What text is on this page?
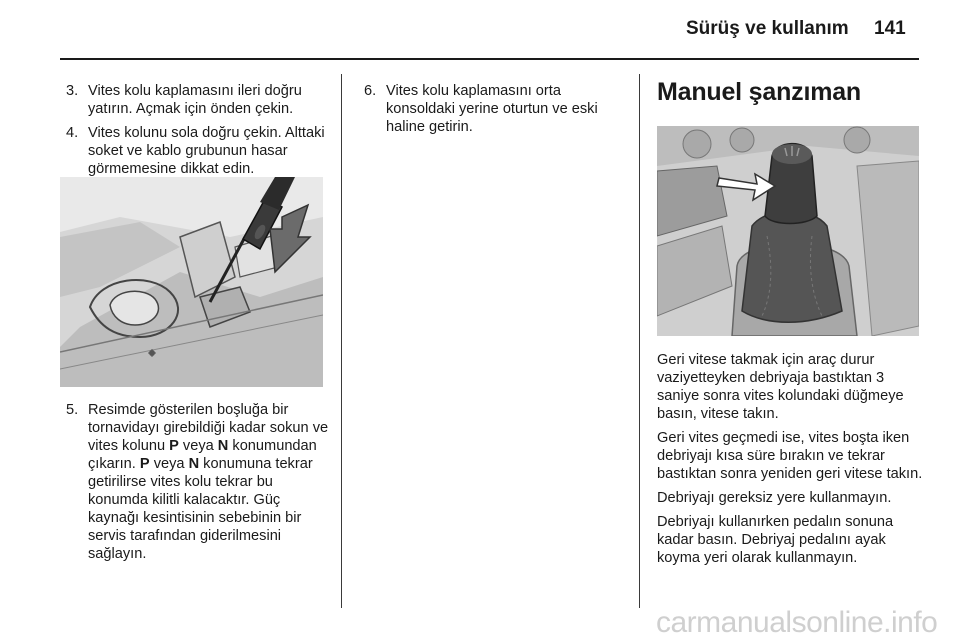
Sürüş ve kullanım 141
3. Vites kolu kaplamasını ileri doğru yatırın. Açmak için önden çekin.

4. Vites kolunu sola doğru çekin. Alttaki soket ve kablo grubunun hasar görmemesine dikkat edin.

5. Resimde gösterilen boşluğa bir tornavidayı girebildiği kadar sokun ve vites kolunu P veya N konumundan çıkarın. P veya N konumuna tekrar getirilirse vites kolu tekrar bu konumda kilitli kalacaktır. Güç kaynağı kesintisinin sebebinin bir servis tarafından giderilmesini sağlayın.

6. Vites kolu kaplamasını orta konsoldaki yerine oturtun ve eski haline getirin.

Manuel şanzıman

Geri vitese takmak için araç durur vaziyetteyken debriyaja bastıktan 3 saniye sonra vites kolundaki düğmeye basın, vitese takın.

Geri vites geçmedi ise, vites boşta iken debriyajı kısa süre bırakın ve tekrar bastıktan sonra yeniden geri vitese takın.

Debriyajı gereksiz yere kullanmayın.

Debriyajı kullanırken pedalın sonuna kadar basın. Debriyaj pedalını ayak koyma yeri olarak kullanmayın.

carmanualsonline.info
